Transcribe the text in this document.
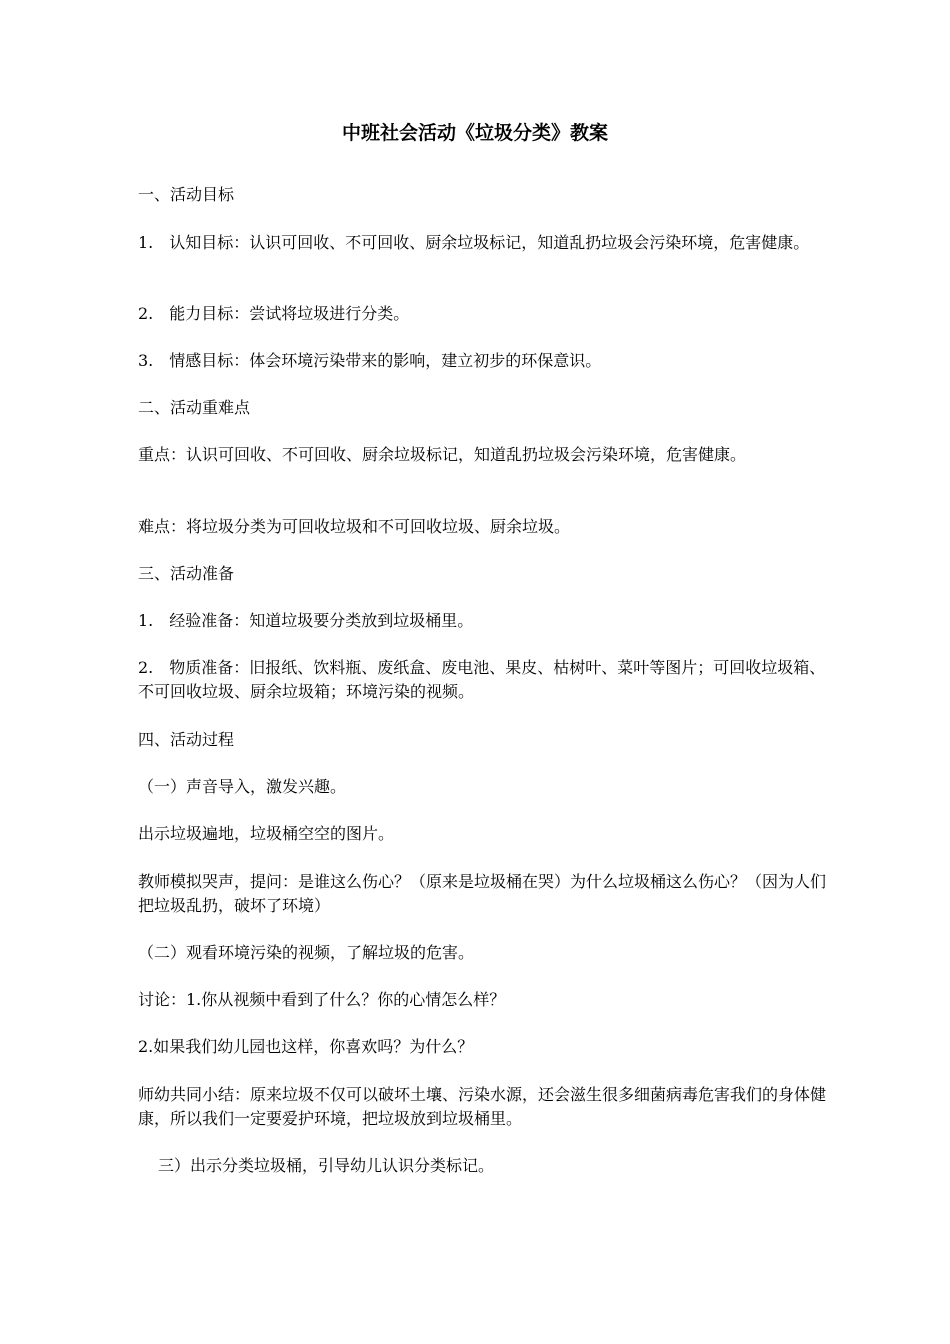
中班社会活动《垃圾分类》教案

一、活动目标

1.　认知目标：认识可回收、不可回收、厨余垃圾标记，知道乱扔垃圾会污染环境，危害健康。

2.　能力目标：尝试将垃圾进行分类。

3.　情感目标：体会环境污染带来的影响，建立初步的环保意识。

二、活动重难点

重点：认识可回收、不可回收、厨余垃圾标记，知道乱扔垃圾会污染环境，危害健康。

难点：将垃圾分类为可回收垃圾和不可回收垃圾、厨余垃圾。

三、活动准备

1.　经验准备：知道垃圾要分类放到垃圾桶里。

2.　物质准备：旧报纸、饮料瓶、废纸盒、废电池、果皮、枯树叶、菜叶等图片；可回收垃圾箱、不可回收垃圾、厨余垃圾箱；环境污染的视频。

四、活动过程

（一）声音导入，激发兴趣。

出示垃圾遍地，垃圾桶空空的图片。

教师模拟哭声，提问：是谁这么伤心？（原来是垃圾桶在哭）为什么垃圾桶这么伤心？（因为人们把垃圾乱扔，破坏了环境）

（二）观看环境污染的视频，了解垃圾的危害。

讨论：1.你从视频中看到了什么？你的心情怎么样？

2.如果我们幼儿园也这样，你喜欢吗？为什么？

师幼共同小结：原来垃圾不仅可以破坏土壤、污染水源，还会滋生很多细菌病毒危害我们的身体健康，所以我们一定要爱护环境，把垃圾放到垃圾桶里。

三）出示分类垃圾桶，引导幼儿认识分类标记。
